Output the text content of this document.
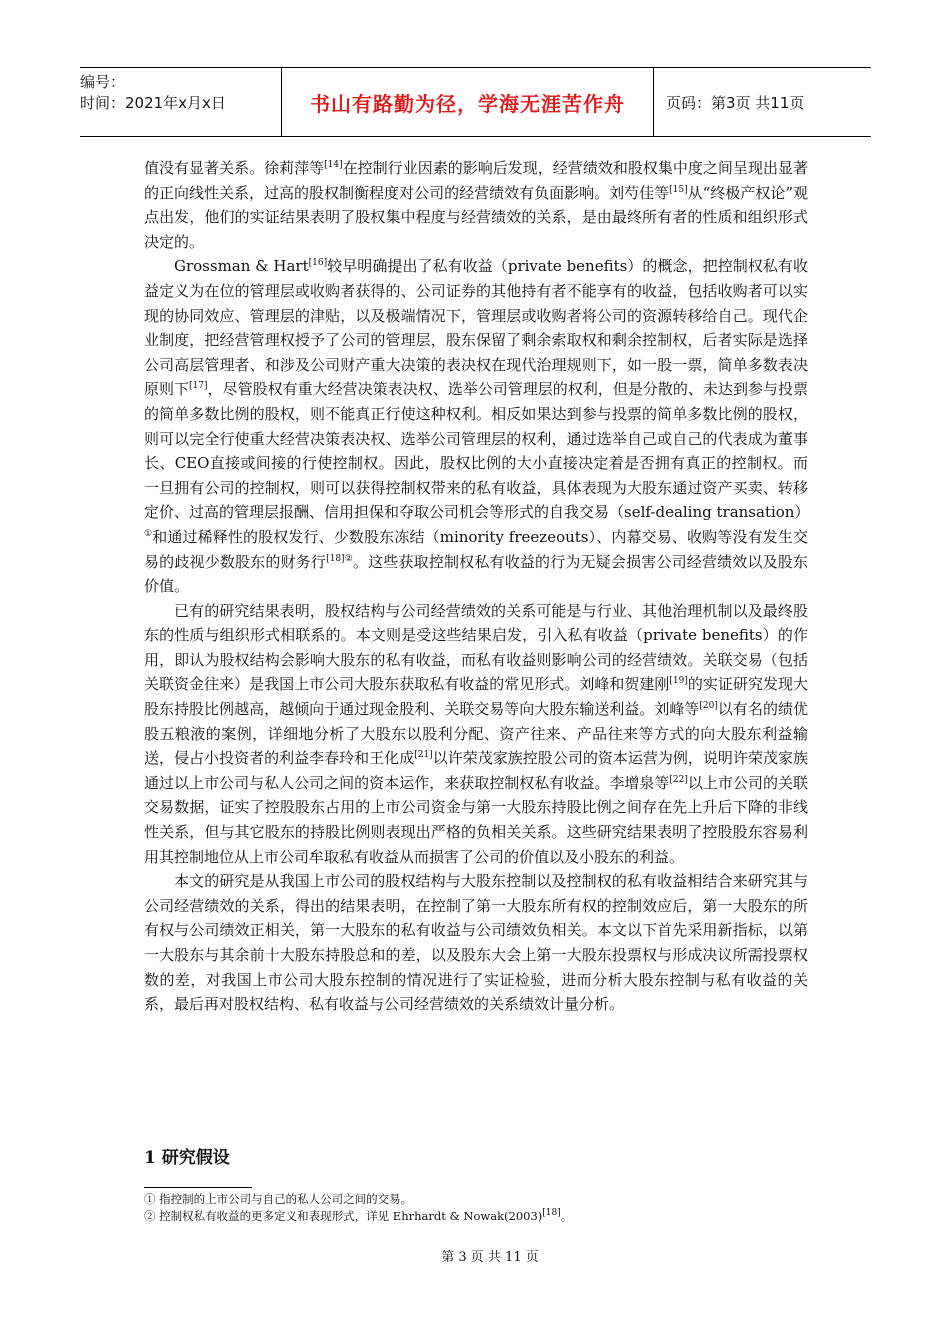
编号：
时间：2021年x月x日	书山有路勤为径，学海无涯苦作舟	页码：第3页 共11页

值没有显著关系。徐莉萍等[14]在控制行业因素的影响后发现，经营绩效和股权集中度之间呈现出显著的正向线性关系，过高的股权制衡程度对公司的经营绩效有负面影响。刘芍佳等[15]从“终极产权论”观点出发，他们的实证结果表明了股权集中程度与经营绩效的关系，是由最终所有者的性质和组织形式决定的。

Grossman & Hart[16]较早明确提出了私有收益（private benefits）的概念，把控制权私有收益定义为在位的管理层或收购者获得的、公司证券的其他持有者不能享有的收益，包括收购者可以实现的协同效应、管理层的津贴，以及极端情况下，管理层或收购者将公司的资源转移给自己。现代企业制度，把经营管理权授予了公司的管理层，股东保留了剩余索取权和剩余控制权，后者实际是选择公司高层管理者、和涉及公司财产重大决策的表决权在现代治理规则下，如一股一票，简单多数表决原则下[17]，尽管股权有重大经营决策表决权、选举公司管理层的权利，但是分散的、未达到参与投票的简单多数比例的股权，则不能真正行使这种权利。相反如果达到参与投票的简单多数比例的股权，则可以完全行使重大经营决策表决权、选举公司管理层的权利，通过选举自己或自己的代表成为董事长、CEO直接或间接的行使控制权。因此，股权比例的大小直接决定着是否拥有真正的控制权。而一旦拥有公司的控制权，则可以获得控制权带来的私有收益，具体表现为大股东通过资产买卖、转移定价、过高的管理层报酬、信用担保和夺取公司机会等形式的自我交易（self-dealing transation）①和通过稀释性的股权发行、少数股东冻结（minority freezeouts）、内幕交易、收购等没有发生交易的歧视少数股东的财务行$^{[18]②}$。这些获取控制权私有收益的行为无疑会损害公司经营绩效以及股东价值。

已有的研究结果表明，股权结构与公司经营绩效的关系可能是与行业、其他治理机制以及最终股东的性质与组织形式相联系的。本文则是受这些结果启发，引入私有收益（private benefits）的作用，即认为股权结构会影响大股东的私有收益，而私有收益则影响公司的经营绩效。关联交易（包括关联资金往来）是我国上市公司大股东获取私有收益的常见形式。刘峰和贺建刚[19]的实证研究发现大股东持股比例越高，越倾向于通过现金股利、关联交易等向大股东输送利益。刘峰等[20]以有名的绩优股五粮液的案例，详细地分析了大股东以股利分配、资产往来、产品往来等方式的向大股东利益输送，侵占小投资者的利益李春玲和王化成[21]以许荣茂家族控股公司的资本运营为例，说明许荣茂家族通过以上市公司与私人公司之间的资本运作，来获取控制权私有收益。李增泉等[22]以上市公司的关联交易数据，证实了控股股东占用的上市公司资金与第一大股东持股比例之间存在先上升后下降的非线性关系，但与其它股东的持股比例则表现出严格的负相关关系。这些研究结果表明了控股股东容易利用其控制地位从上市公司牟取私有收益从而损害了公司的价值以及小股东的利益。

本文的研究是从我国上市公司的股权结构与大股东控制以及控制权的私有收益相结合来研究其与公司经营绩效的关系，得出的结果表明，在控制了第一大股东所有权的控制效应后，第一大股东的所有权与公司绩效正相关，第一大股东的私有收益与公司绩效负相关。本文以下首先采用新指标，以第一大股东与其余前十大股东持股总和的差，以及股东大会上第一大股东投票权与形成决议所需投票权数的差，对我国上市公司大股东控制的情况进行了实证检验，进而分析大股东控制与私有收益的关系，最后再对股权结构、私有收益与公司经营绩效的关系绩效计量分析。

1 研究假设
① 指控制的上市公司与自己的私人公司之间的交易。
② 控制权私有收益的更多定义和表现形式，详见 Ehrhardt & Nowak(2003)[18]。
第 3 页 共 11 页
